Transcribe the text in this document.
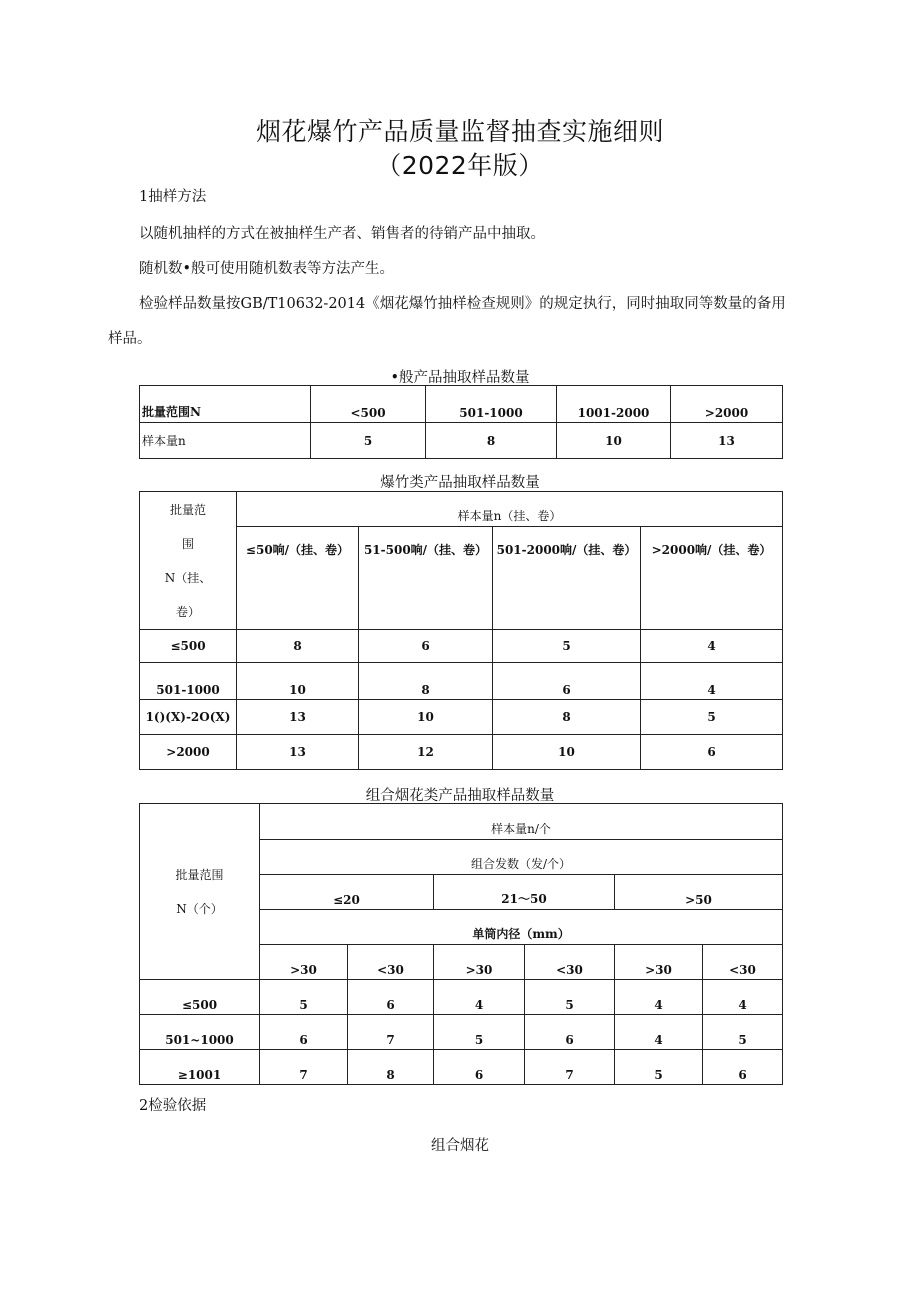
烟花爆竹产品质量监督抽查实施细则
（2022年版）
1抽样方法
以随机抽样的方式在被抽样生产者、销售者的待销产品中抽取。
随机数•般可使用随机数表等方法产生。
检验样品数量按GB/T10632-2014《烟花爆竹抽样检查规则》的规定执行，同时抽取同等数量的备用
样品。
•般产品抽取样品数量
批量范围N	<500	501-1000	1001-2000	>2000
样本量n	5	8	10	13
爆竹类产品抽取样品数量
批量范
围
N（挂、
卷）	样本量n（挂、卷）			
	≤50响/（挂、卷）	51-500响/（挂、卷）	501-2000响/（挂、卷）	>2000响/（挂、卷）
≤500	8	6	5	4
501-1000	10	8	6	4
1()(X)-2O(X)	13	10	8	5
>2000	13	12	10	6
组合烟花类产品抽取样品数量
批量范围
N（个）	样本量n/个					
	组合发数（发/个）					
	≤20		21〜50		>50	
	单筒内径（mm）					
	>30	<30	>30	<30	>30	<30
≤500	5	6	4	5	4	4
501~1000	6	7	5	6	4	5
≥1001	7	8	6	7	5	6
2检验依据
组合烟花
